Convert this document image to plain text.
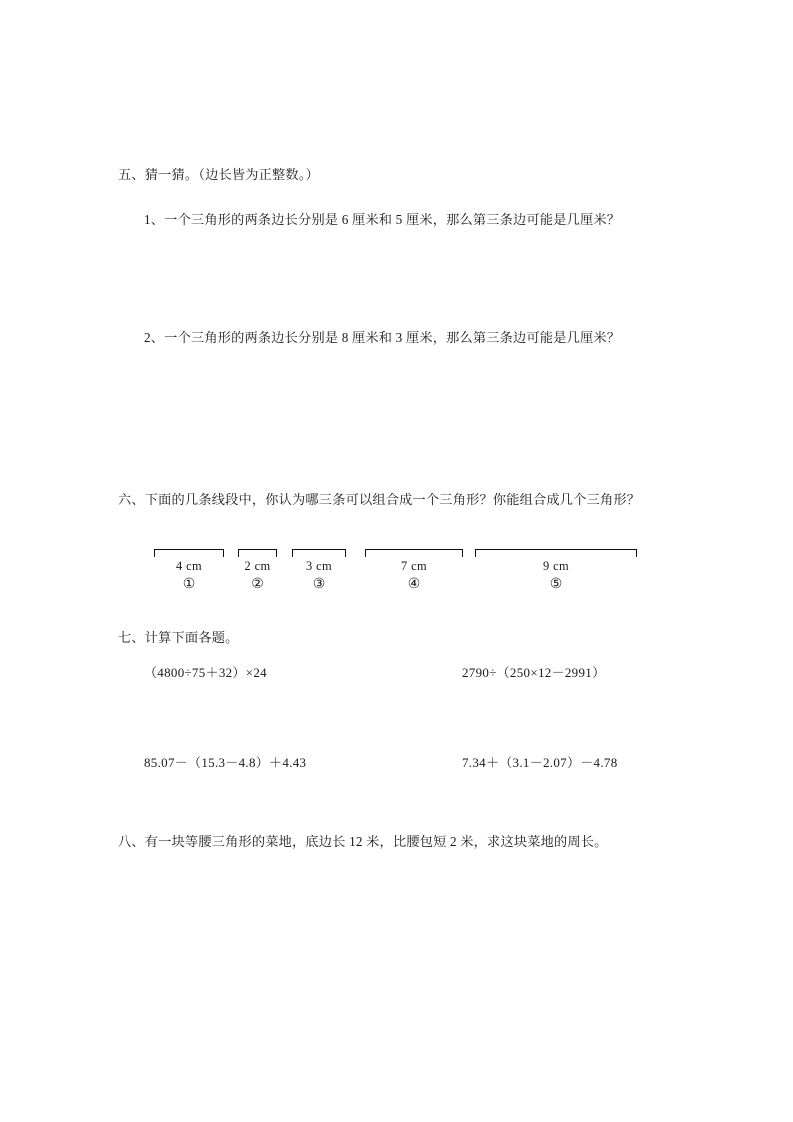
五、猜一猜。（边长皆为正整数。）
1、一个三角形的两条边长分别是 6 厘米和 5 厘米，那么第三条边可能是几厘米？
2、一个三角形的两条边长分别是 8 厘米和 3 厘米，那么第三条边可能是几厘米？
六、下面的几条线段中，你认为哪三条可以组合成一个三角形？你能组合成几个三角形？
4 cm
①
2 cm
②
3 cm
③
7 cm
④
9 cm
⑤
七、计算下面各题。
（4800÷75＋32）×24	2790÷（250×12－2991）
85.07－（15.3－4.8）＋4.43	7.34＋（3.1－2.07）－4.78
八、有一块等腰三角形的菜地，底边长 12 米，比腰包短 2 米，求这块菜地的周长。
